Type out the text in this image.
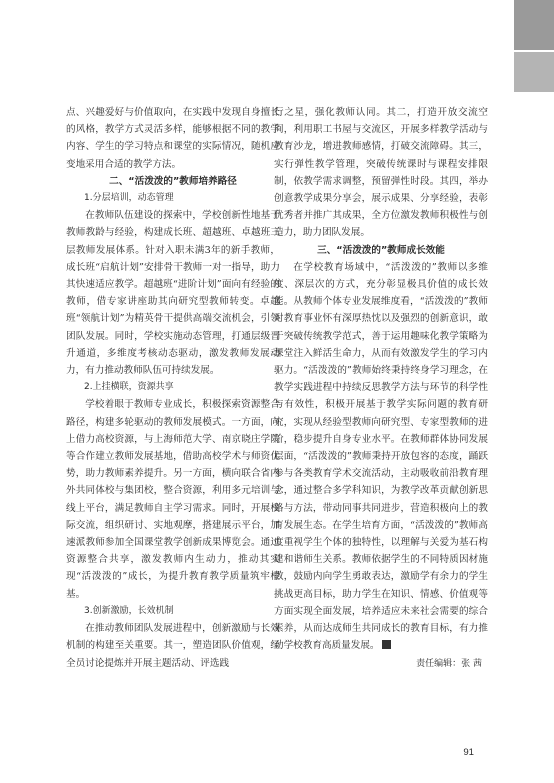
点、兴趣爱好与价值取向，在实践中发现自身擅长的风格，教学方式灵活多样，能够根据不同的教学内容、学生的学习特点和课堂的实际情况，随机应变地采用合适的教学方法。

二、“活泼泼的”教师培养路径

1.分层培训，动态管理

在教师队伍建设的探索中，学校创新性地基于教师教龄与经验，构建成长班、超越班、卓越班三层教师发展体系。针对入职未满3年的新手教师，成长班“启航计划”安排骨干教师一对一指导，助力其快速适应教学。超越班“进阶计划”面向有经验的教师，借专家讲座助其向研究型教师转变。卓越班“领航计划”为精英骨干提供高端交流机会，引领团队发展。同时，学校实施动态管理，打通层级晋升通道，多维度考核动态驱动，激发教师发展动力，有力推动教师队伍可持续发展。

2.上挂横联，资源共享

学校着眼于教师专业成长，积极探索资源整合路径，构建多轮驱动的教师发展模式。一方面，向上借力高校资源，与上海师范大学、南京晓庄学院等合作建立教师发展基地，借助高校学术与师资优势，助力教师素养提升。另一方面，横向联合省内外共同体校与集团校，整合资源，利用多元培训与线上平台，满足教师自主学习需求。同时，开展校际交流，组织研讨、实地观摩，搭建展示平台，加速派教师参加全国课堂教学创新成果博览会。通过资源整合共享，激发教师内生动力，推动其实现“活泼泼的”成长，为提升教育教学质量筑牢根基。

3.创新激励，长效机制

在推动教师团队发展进程中，创新激励与长效机制的构建至关重要。其一，塑造团队价值观，经全员讨论提炼并开展主题活动、评选践

行之星，强化教师认同。其二，打造开放交流空间，利用职工书屋与交流区，开展多样教学活动与教育沙龙，增进教师感情，打破交流障碍。其三，实行弹性教学管理，突破传统课时与课程安排限制，依教学需求调整，预留弹性时段。其四，举办创意教学成果分享会，展示成果、分享经验，表彰优秀者并推广其成果，全方位激发教师积极性与创造力，助力团队发展。

三、“活泼泼的”教师成长效能

在学校教育场域中，“活泼泼的”教师以多维度、深层次的方式，充分彰显极具价值的成长效能。从教师个体专业发展维度看，“活泼泼的”教师对教育事业怀有深厚热忱以及强烈的创新意识，敢于突破传统教学范式，善于运用趣味化教学策略为课堂注入鲜活生命力，从而有效激发学生的学习内驱力。“活泼泼的”教师始终秉持终身学习理念，在教学实践进程中持续反思教学方法与环节的科学性与有效性，积极开展基于教学实际问题的教育研究，实现从经验型教师向研究型、专家型教师的进阶，稳步提升自身专业水平。在教师群体协同发展层面，“活泼泼的”教师秉持开放包容的态度，踊跃参与各类教育学术交流活动，主动吸收前沿教育理念，通过整合多学科知识，为教学改革贡献创新思路与方法，带动同事共同进步，营造积极向上的教育发展生态。在学生培育方面，“活泼泼的”教师高度重视学生个体的独特性，以理解与关爱为基石构建和谐师生关系。教师依据学生的不同特质因材施教，鼓励内向学生勇敢表达，激励学有余力的学生挑战更高目标，助力学生在知识、情感、价值观等方面实现全面发展，培养适应未来社会需要的综合素养，从而达成师生共同成长的教育目标，有力推动学校教育高质量发展。

责任编辑：张 茜
91
